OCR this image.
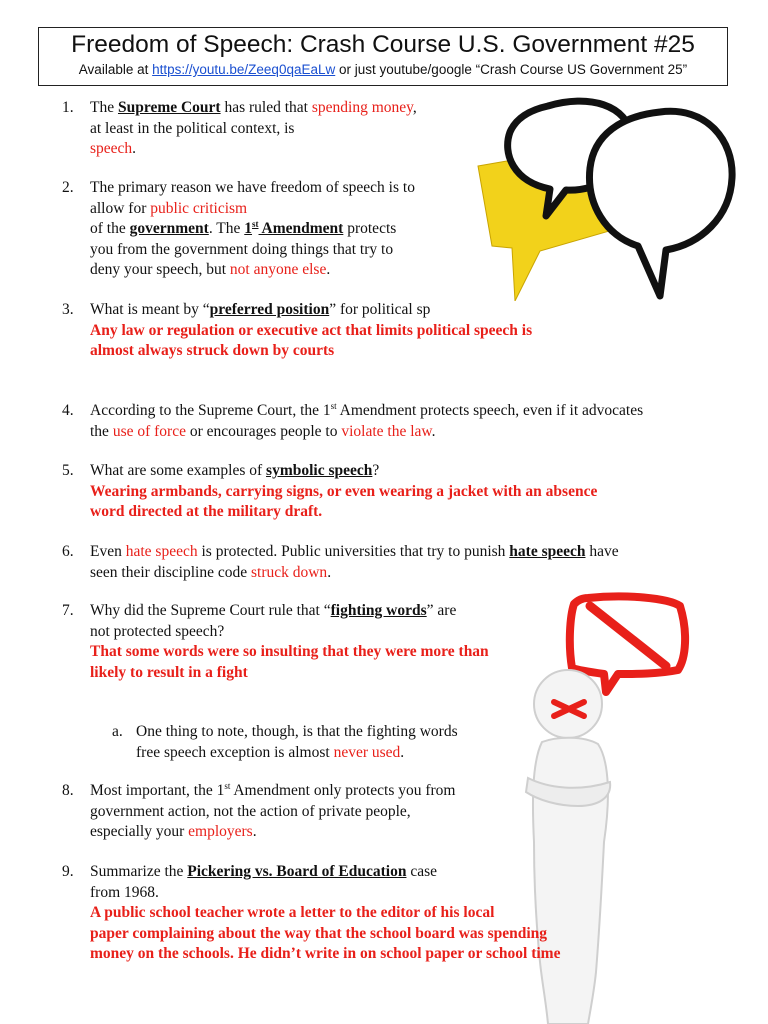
Freedom of Speech: Crash Course U.S. Government #25
Available at https://youtu.be/Zeeq0qaEaLw or just youtube/google “Crash Course US Government 25”
1. The Supreme Court has ruled that spending money,
at least in the political context, is
speech.
2. The primary reason we have freedom of speech is to
allow for public criticism
of the government. The 1st Amendment protects
you from the government doing things that try to
deny your speech, but not anyone else.
3. What is meant by “preferred position” for political sp
Any law or regulation or executive act that limits political speech is
almost always struck down by courts
4. According to the Supreme Court, the 1st Amendment protects speech, even if it advocates
the use of force or encourages people to violate the law.
5. What are some examples of symbolic speech?
Wearing armbands, carrying signs, or even wearing a jacket with an absence
word directed at the military draft.
6. Even hate speech is protected. Public universities that try to punish hate speech have
seen their discipline code struck down.
7. Why did the Supreme Court rule that “fighting words” are
not protected speech?
That some words were so insulting that they were more than
likely to result in a fight
a. One thing to note, though, is that the fighting words
free speech exception is almost never used.
8. Most important, the 1st Amendment only protects you from
government action, not the action of private people,
especially your employers.
9. Summarize the Pickering vs. Board of Education case
from 1968.
A public school teacher wrote a letter to the editor of his local
paper complaining about the way that the school board was spending
money on the schools. He didn’t write in on school paper or school time
